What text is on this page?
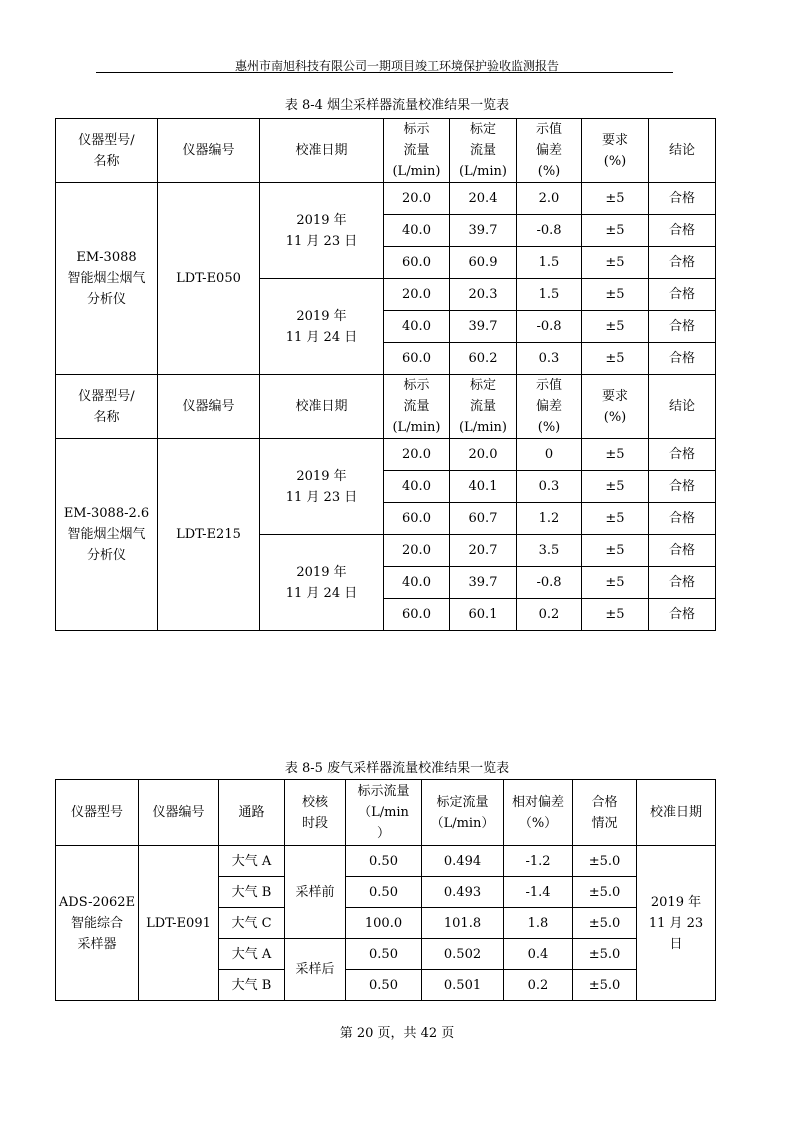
惠州市南旭科技有限公司一期项目竣工环境保护验收监测报告
表 8-4 烟尘采样器流量校准结果一览表
仪器型号/
名称	仪器编号	校准日期	标示
流量
(L/min)	标定
流量
(L/min)	示值
偏差
(%)	要求
(%)	结论
EM-3088
智能烟尘烟气
分析仪	LDT-E050	2019 年
11 月 23 日	20.0	20.4	2.0	±5	合格
			40.0	39.7	-0.8	±5	合格
			60.0	60.9	1.5	±5	合格
		2019 年
11 月 24 日	20.0	20.3	1.5	±5	合格
			40.0	39.7	-0.8	±5	合格
			60.0	60.2	0.3	±5	合格
仪器型号/
名称	仪器编号	校准日期	标示
流量
(L/min)	标定
流量
(L/min)	示值
偏差
(%)	要求
(%)	结论
EM-3088-2.6
智能烟尘烟气
分析仪	LDT-E215	2019 年
11 月 23 日	20.0	20.0	0	±5	合格
			40.0	40.1	0.3	±5	合格
			60.0	60.7	1.2	±5	合格
		2019 年
11 月 24 日	20.0	20.7	3.5	±5	合格
			40.0	39.7	-0.8	±5	合格
			60.0	60.1	0.2	±5	合格
表 8-5 废气采样器流量校准结果一览表
仪器型号	仪器编号	通路	校核
时段	标示流量
（L/min
）	标定流量
（L/min）	相对偏差
（%）	合格
情况	校准日期
ADS-2062E
智能综合
采样器	LDT-E091	大气 A	采样前	0.50	0.494	-1.2	±5.0	2019 年
11 月 23
日
		大气 B		0.50	0.493	-1.4	±5.0	
		大气 C		100.0	101.8	1.8	±5.0	
		大气 A	采样后	0.50	0.502	0.4	±5.0	
		大气 B		0.50	0.501	0.2	±5.0	
第 20 页，共 42 页
